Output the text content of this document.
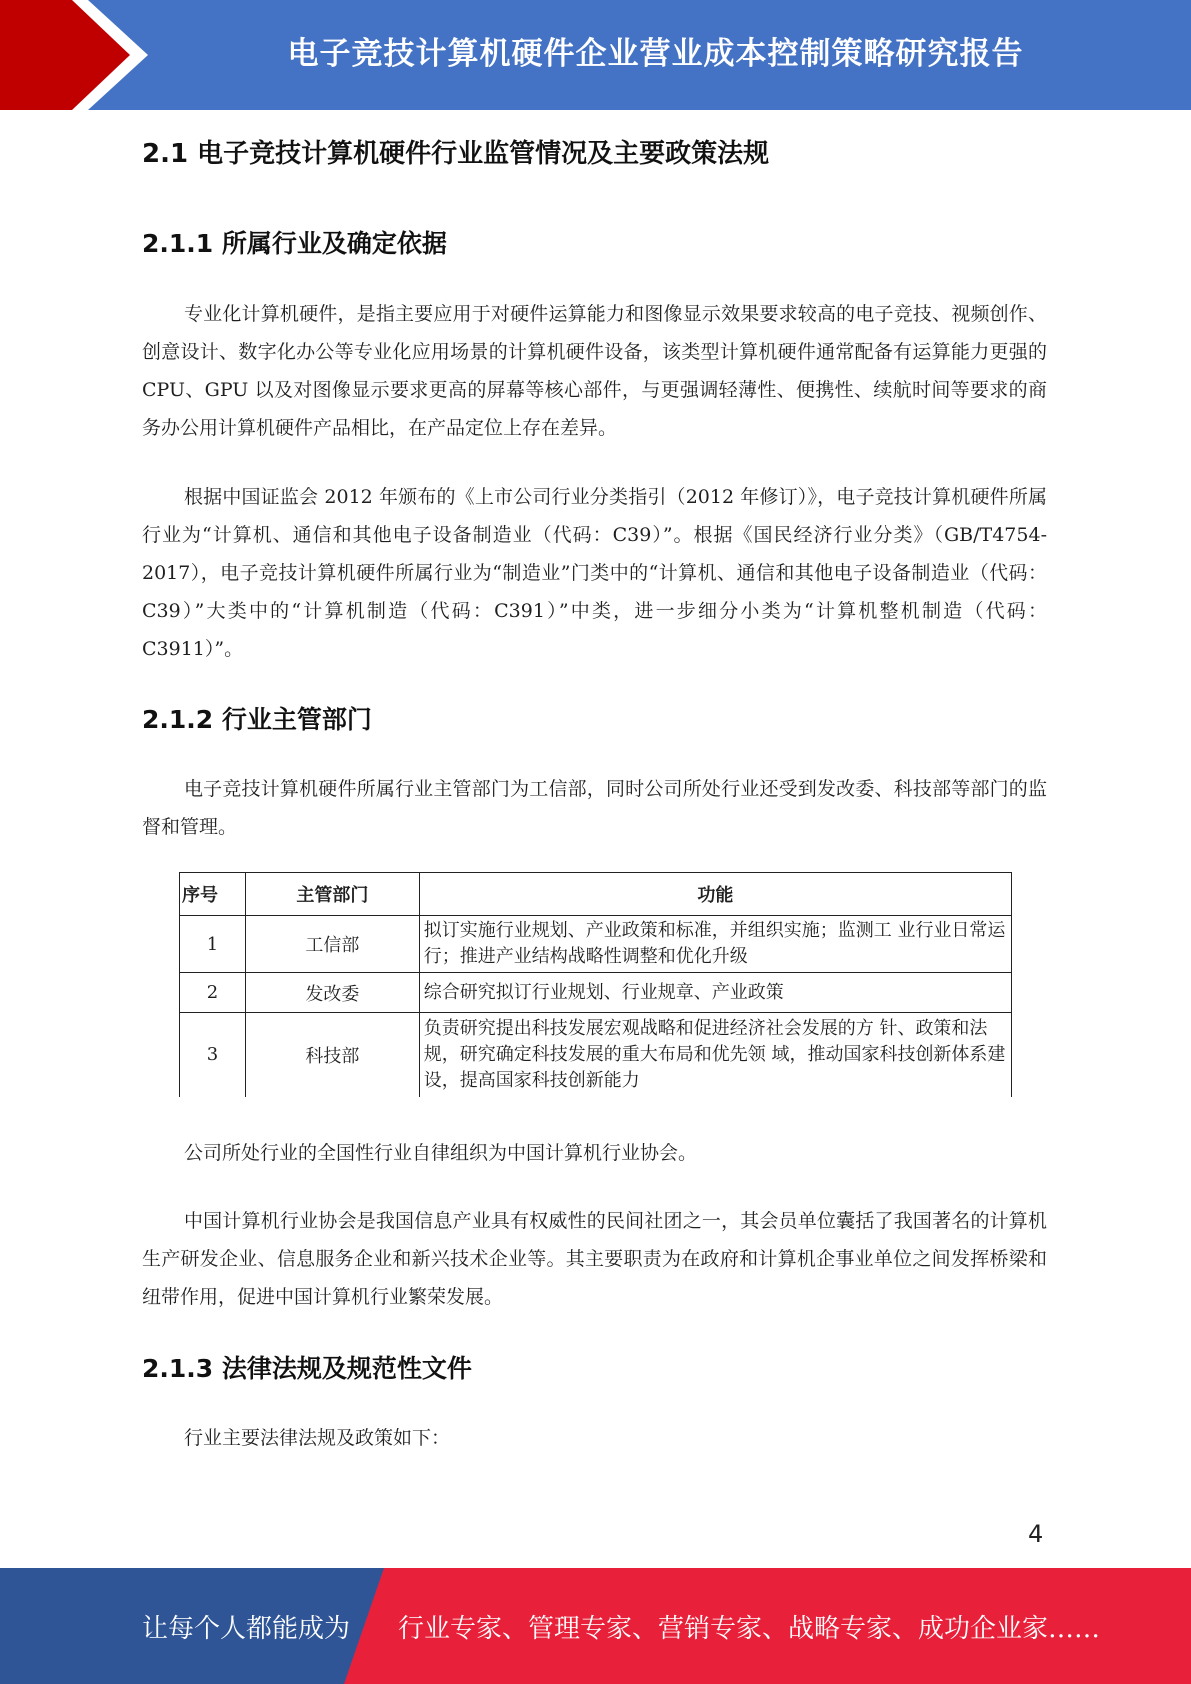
电子竞技计算机硬件企业营业成本控制策略研究报告
2.1 电子竞技计算机硬件行业监管情况及主要政策法规
2.1.1 所属行业及确定依据

专业化计算机硬件，是指主要应用于对硬件运算能力和图像显示效果要求较高的电子竞技、视频创作、创意设计、数字化办公等专业化应用场景的计算机硬件设备，该类型计算机硬件通常配备有运算能力更强的 CPU、GPU 以及对图像显示要求更高的屏幕等核心部件，与更强调轻薄性、便携性、续航时间等要求的商务办公用计算机硬件产品相比，在产品定位上存在差异。

根据中国证监会 2012 年颁布的《上市公司行业分类指引（2012 年修订）》，电子竞技计算机硬件所属行业为“计算机、通信和其他电子设备制造业（代码：C39）”。根据《国民经济行业分类》（GB/T4754-2017），电子竞技计算机硬件所属行业为“制造业”门类中的“计算机、通信和其他电子设备制造业（代码：C39）”大类中的“计算机制造（代码：C391）”中类，进一步细分小类为“计算机整机制造（代码：C3911）”。

2.1.2 行业主管部门

电子竞技计算机硬件所属行业主管部门为工信部，同时公司所处行业还受到发改委、科技部等部门的监督和管理。

公司所处行业的全国性行业自律组织为中国计算机行业协会。

中国计算机行业协会是我国信息产业具有权威性的民间社团之一，其会员单位囊括了我国著名的计算机生产研发企业、信息服务企业和新兴技术企业等。其主要职责为在政府和计算机企事业单位之间发挥桥梁和纽带作用，促进中国计算机行业繁荣发展。

2.1.3 法律法规及规范性文件

行业主要法律法规及政策如下：

序号	主管部门	功能
1	工信部	拟订实施行业规划、产业政策和标准，并组织实施；监测工 业行业日常运行；推进产业结构战略性调整和优化升级
2	发改委	综合研究拟订行业规划、行业规章、产业政策
3	科技部	负责研究提出科技发展宏观战略和促进经济社会发展的方 针、政策和法规，研究确定科技发展的重大布局和优先领 域，推动国家科技创新体系建设，提高国家科技创新能力
4
让每个人都能成为 行业专家、管理专家、营销专家、战略专家、成功企业家……
